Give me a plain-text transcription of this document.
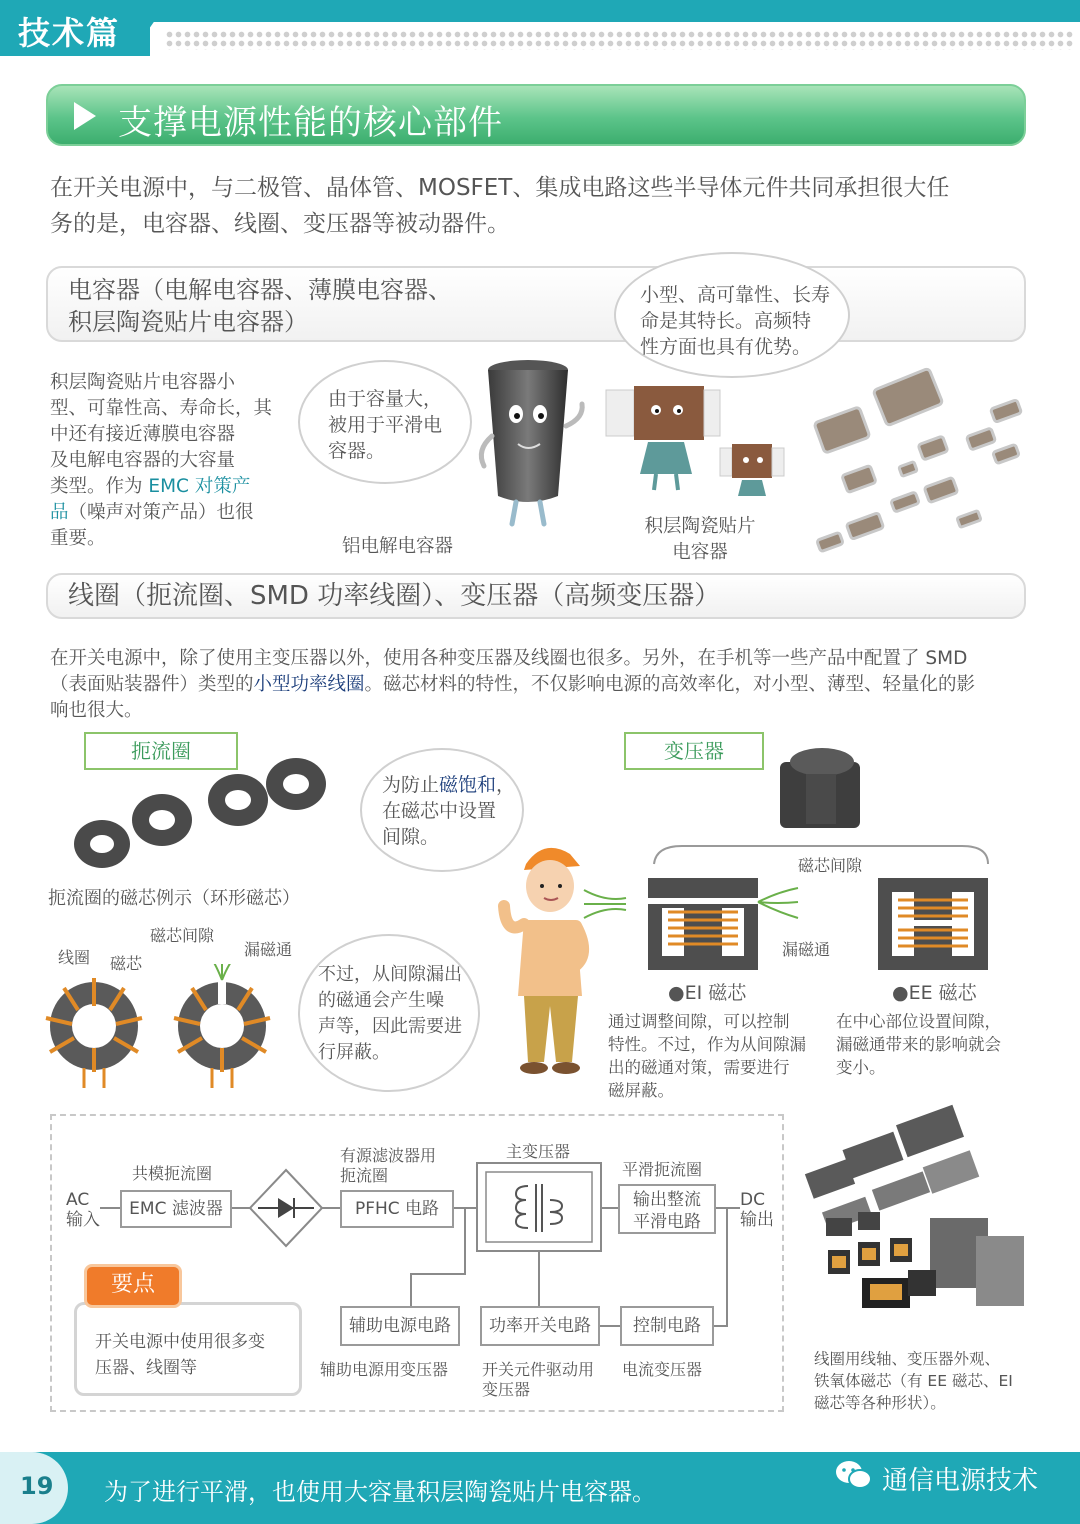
技术篇
支撑电源性能的核心部件
在开关电源中，与二极管、晶体管、MOSFET、集成电路这些半导体元件共同承担很大任
务的是，电容器、线圈、变压器等被动器件。
电容器（电解电容器、薄膜电容器、
积层陶瓷贴片电容器）
小型、高可靠性、长寿
命是其特长。高频特
性方面也具有优势。
积层陶瓷贴片电容器小
型、可靠性高、寿命长，其
中还有接近薄膜电容器
及电解电容器的大容量
类型。作为 EMC 对策产
品（噪声对策产品）也很
重要。
由于容量大，
被用于平滑电
容器。
铝电解电容器
积层陶瓷贴片
电容器
线圈（扼流圈、SMD 功率线圈）、变压器（高频变压器）
在开关电源中，除了使用主变压器以外，使用各种变压器及线圈也很多。另外，在手机等一些产品中配置了 SMD
（表面贴装器件）类型的小型功率线圈。磁芯材料的特性，不仅影响电源的高效率化，对小型、薄型、轻量化的影
响也很大。
扼流圈	变压器
扼流圈的磁芯例示（环形磁芯）
线圈 磁芯
磁芯间隙
漏磁通
为防止磁饱和，
在磁芯中设置
间隙。
不过，从间隙漏出
的磁通会产生噪
声等，因此需要进
行屏蔽。
磁芯间隙
漏磁通
●EI 磁芯	●EE 磁芯
通过调整间隙，可以控制
特性。不过，作为从间隙漏
出的磁通对策，需要进行
磁屏蔽。
在中心部位设置间隙，
漏磁通带来的影响就会
变小。
AC
输入
共模扼流圈
EMC 滤波器
有源滤波器用
扼流圈
PFHC 电路
主变压器
平滑扼流圈
输出整流
平滑电路
DC
输出
辅助电源电路	功率开关电路	控制电路
辅助电源用变压器 开关元件驱动用
变压器
电流变压器
开关电源中使用很多变
压器、线圈等
要点
线圈用线轴、变压器外观、
铁氧体磁芯（有 EE 磁芯、EI
磁芯等各种形状）。
19 为了进行平滑，也使用大容量积层陶瓷贴片电容器。	通信电源技术
